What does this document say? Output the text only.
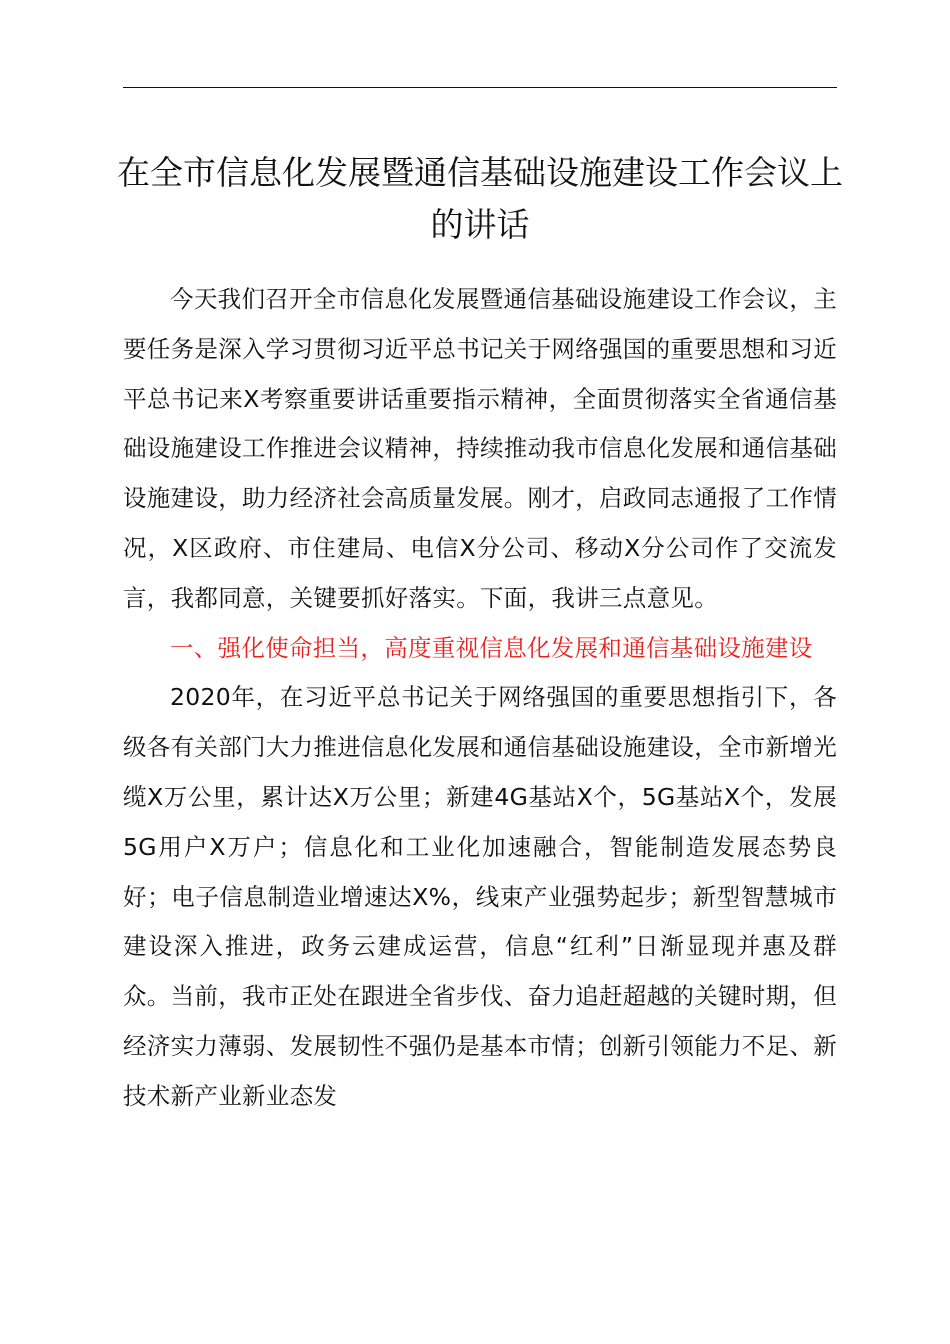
在全市信息化发展暨通信基础设施建设工作会议上的讲话

今天我们召开全市信息化发展暨通信基础设施建设工作会议，主要任务是深入学习贯彻习近平总书记关于网络强国的重要思想和习近平总书记来X考察重要讲话重要指示精神，全面贯彻落实全省通信基础设施建设工作推进会议精神，持续推动我市信息化发展和通信基础设施建设，助力经济社会高质量发展。刚才，启政同志通报了工作情况，X区政府、市住建局、电信X分公司、移动X分公司作了交流发言，我都同意，关键要抓好落实。下面，我讲三点意见。

一、强化使命担当，高度重视信息化发展和通信基础设施建设

2020年，在习近平总书记关于网络强国的重要思想指引下，各级各有关部门大力推进信息化发展和通信基础设施建设，全市新增光缆X万公里，累计达X万公里；新建4G基站X个，5G基站X个，发展5G用户X万户；信息化和工业化加速融合，智能制造发展态势良好；电子信息制造业增速达X%，线束产业强势起步；新型智慧城市建设深入推进，政务云建成运营，信息“红利”日渐显现并惠及群众。当前，我市正处在跟进全省步伐、奋力追赶超越的关键时期，但经济实力薄弱、发展韧性不强仍是基本市情；创新引领能力不足、新技术新产业新业态发
